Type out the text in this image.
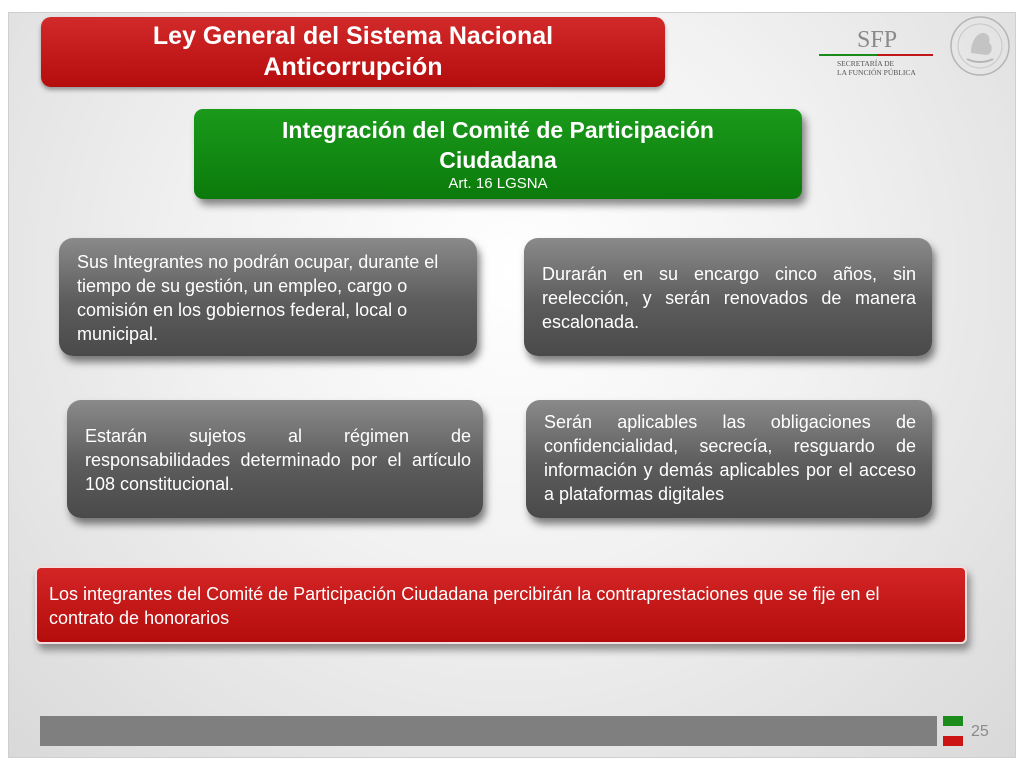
Ley General del Sistema Nacional
Anticorrupción
SFP
SECRETARÍA DE
LA FUNCIÓN PÚBLICA
Integración del Comité de Participación
Ciudadana
Art. 16 LGSNA
Sus Integrantes no podrán ocupar, durante el tiempo de su gestión, un empleo, cargo o comisión en los gobiernos federal, local o municipal.
Durarán en su encargo cinco años, sin reelección, y serán renovados de manera escalonada.
Estarán sujetos al régimen de responsabilidades determinado por el artículo 108 constitucional.
Serán aplicables las obligaciones de confidencialidad, secrecía, resguardo de información y demás aplicables por el acceso a plataformas digitales
Los integrantes del Comité de Participación Ciudadana percibirán la contraprestaciones que se fije en el contrato de honorarios
25
